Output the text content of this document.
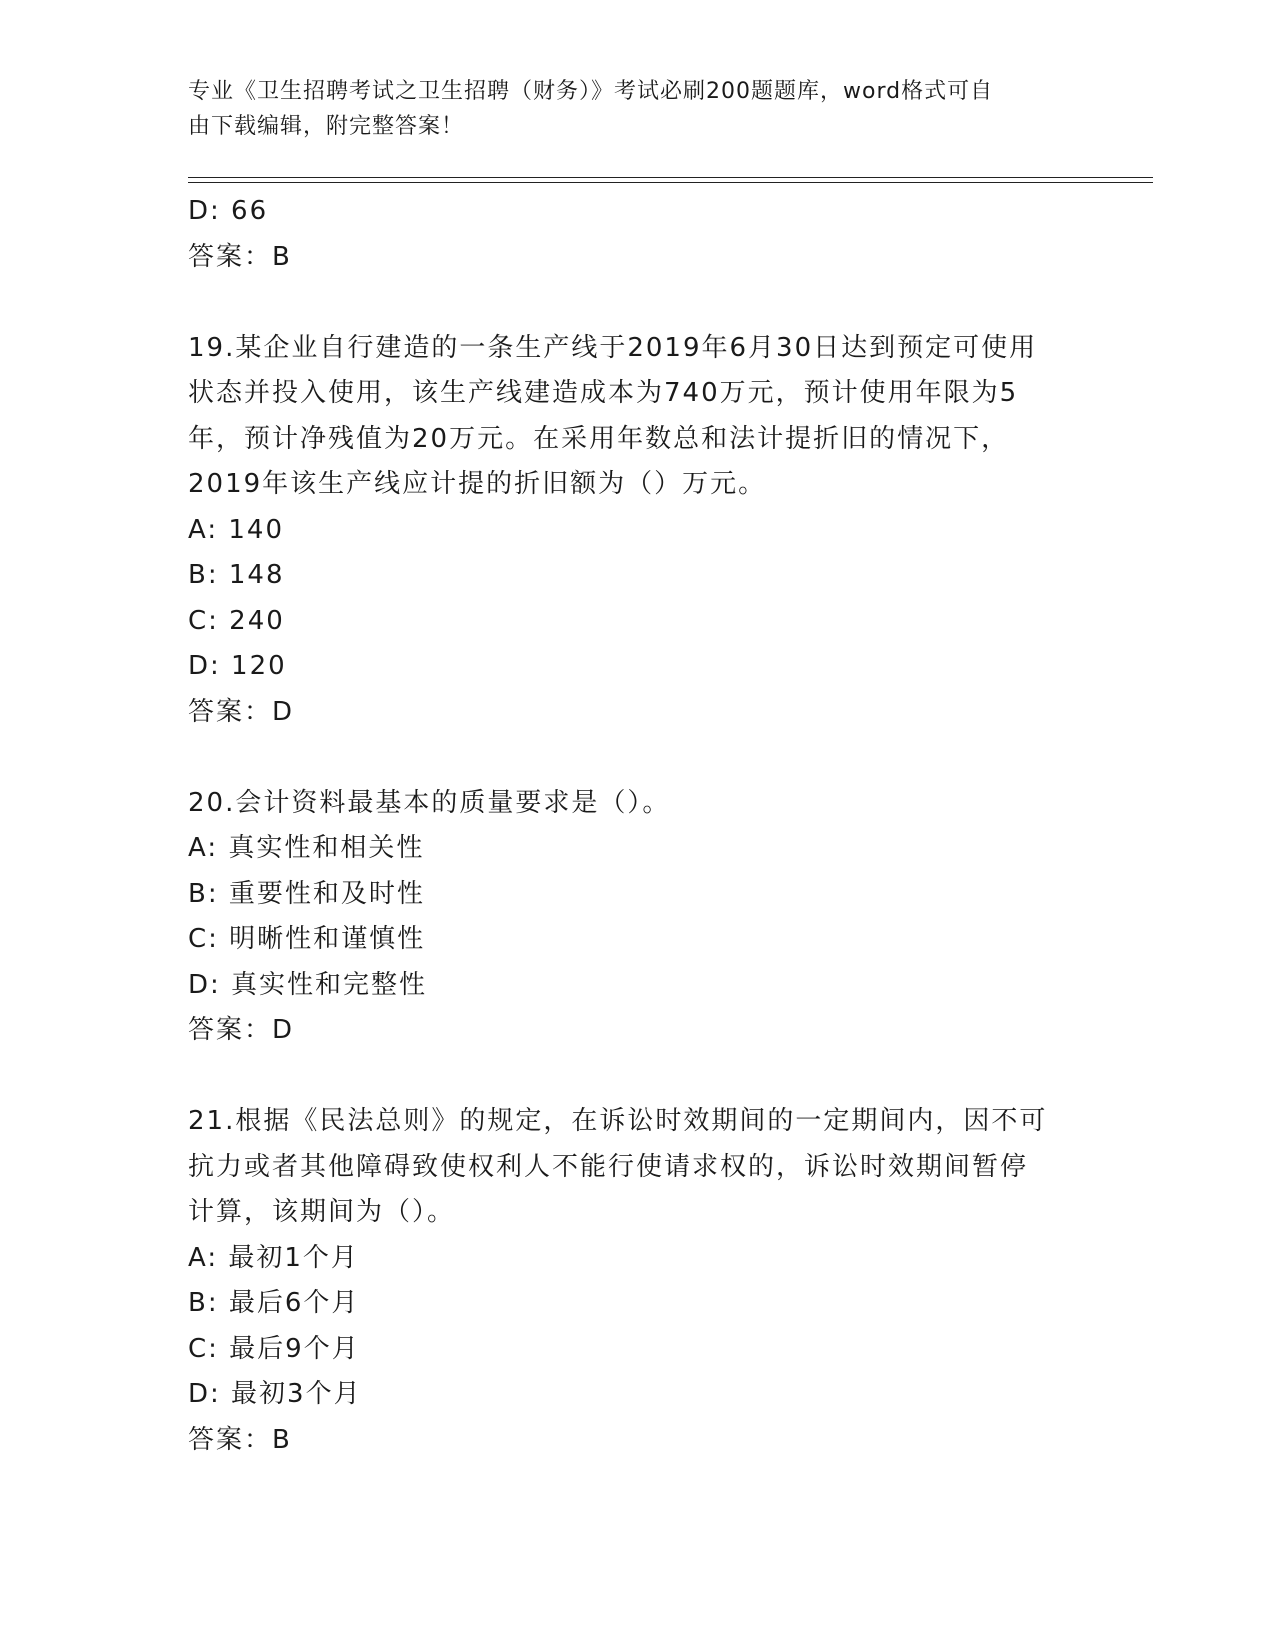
专业《卫生招聘考试之卫生招聘（财务）》考试必刷200题题库，word格式可自
由下载编辑，附完整答案！
D: 66
答案：B
19.某企业自行建造的一条生产线于2019年6月30日达到预定可使用
状态并投入使用，该生产线建造成本为740万元，预计使用年限为5
年，预计净残值为20万元。在采用年数总和法计提折旧的情况下，
2019年该生产线应计提的折旧额为（）万元。
A: 140
B: 148
C: 240
D: 120
答案：D
20.会计资料最基本的质量要求是（）。
A: 真实性和相关性
B: 重要性和及时性
C: 明晰性和谨慎性
D: 真实性和完整性
答案：D
21.根据《民法总则》的规定，在诉讼时效期间的一定期间内，因不可
抗力或者其他障碍致使权利人不能行使请求权的，诉讼时效期间暂停
计算，该期间为（）。
A: 最初1个月
B: 最后6个月
C: 最后9个月
D: 最初3个月
答案：B
